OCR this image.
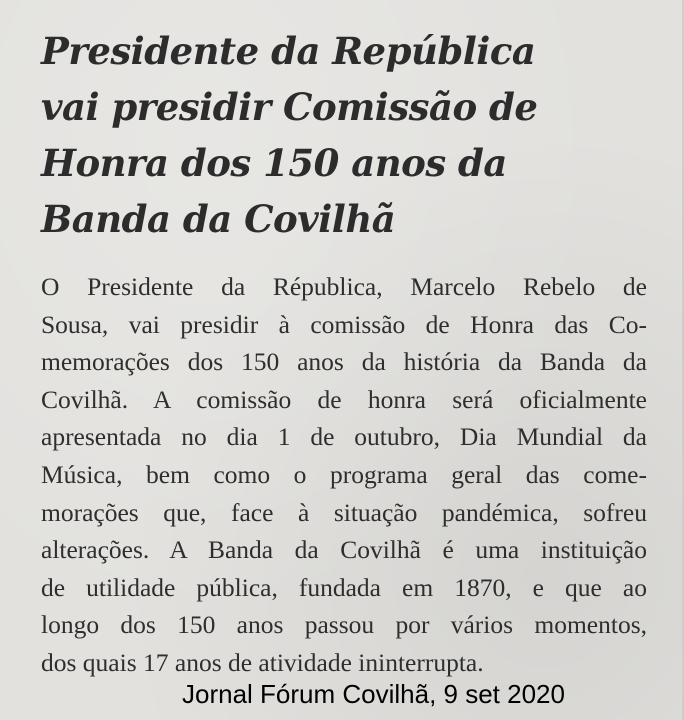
Presidente da República
vai presidir Comissão de
Honra dos 150 anos da
Banda da Covilhã
O Presidente da Républica, Marcelo Rebelo de
Sousa, vai presidir à comissão de Honra das Co-
memorações dos 150 anos da história da Banda da
Covilhã. A comissão de honra será oficialmente
apresentada no dia 1 de outubro, Dia Mundial da
Música, bem como o programa geral das come-
morações que, face à situação pandémica, sofreu
alterações. A Banda da Covilhã é uma instituição
de utilidade pública, fundada em 1870, e que ao
longo dos 150 anos passou por vários momentos,
dos quais 17 anos de atividade ininterrupta.
Jornal Fórum Covilhã, 9 set 2020
